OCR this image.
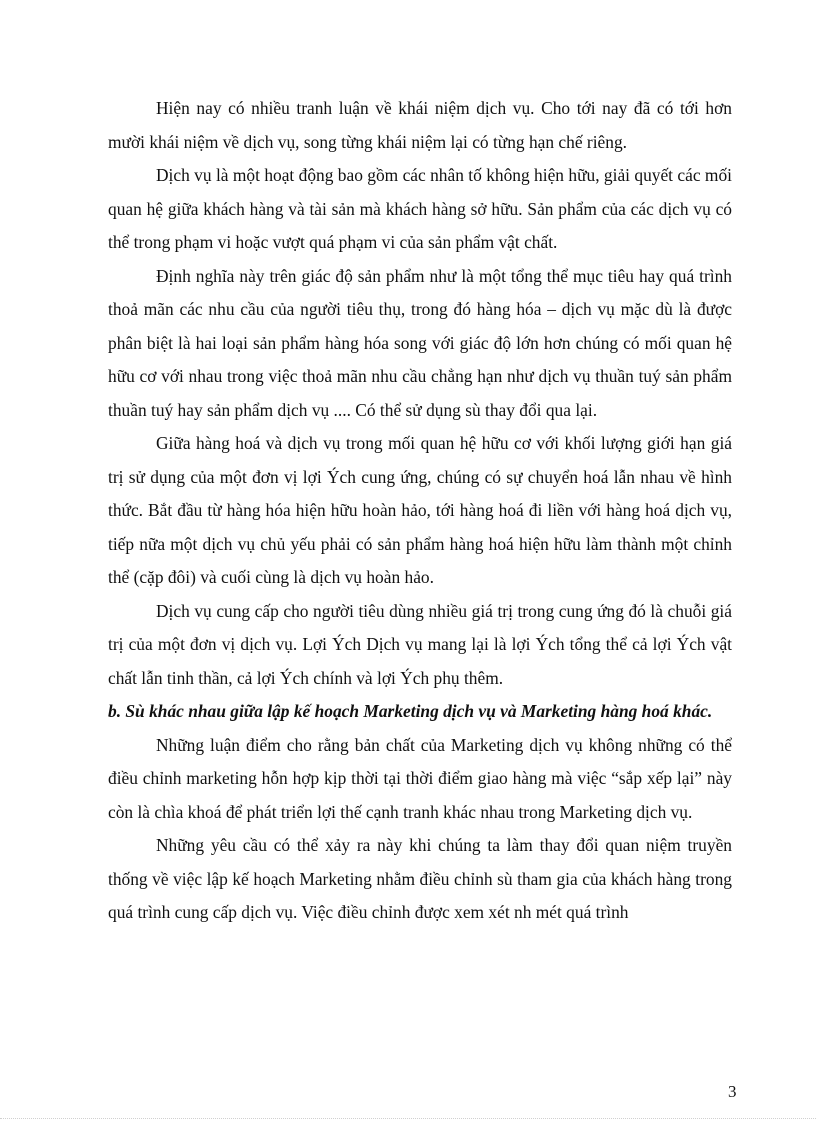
Hiện nay có nhiều tranh luận về khái niệm dịch vụ. Cho tới nay đã có tới hơn mười khái niệm về dịch vụ, song từng khái niệm lại có từng hạn chế riêng.

Dịch vụ là một hoạt động bao gồm các nhân tố không hiện hữu, giải quyết các mối quan hệ giữa khách hàng và tài sản mà khách hàng sở hữu. Sản phẩm của các dịch vụ có thể trong phạm vi hoặc vượt quá phạm vi của sản phẩm vật chất.

Định nghĩa này trên giác độ sản phẩm như là một tổng thể mục tiêu hay quá trình thoả mãn các nhu cầu của người tiêu thụ, trong đó hàng hóa – dịch vụ mặc dù là được phân biệt là hai loại sản phẩm hàng hóa song với giác độ lớn hơn chúng có mối quan hệ hữu cơ với nhau trong việc thoả mãn nhu cầu chẳng hạn như dịch vụ thuần tuý sản phẩm thuần tuý hay sản phẩm dịch vụ .... Có thể sử dụng sù thay đổi qua lại.

Giữa hàng hoá và dịch vụ trong mối quan hệ hữu cơ với khối lượng giới hạn giá trị sử dụng của một đơn vị lợi Ých cung ứng, chúng có sự chuyển hoá lẫn nhau về hình thức. Bắt đầu từ hàng hóa hiện hữu hoàn hảo, tới hàng hoá đi liền với hàng hoá dịch vụ, tiếp nữa một dịch vụ chủ yếu phải có sản phẩm hàng hoá hiện hữu làm thành một chỉnh thể (cặp đôi) và cuối cùng là dịch vụ hoàn hảo.

Dịch vụ cung cấp cho người tiêu dùng nhiều giá trị trong cung ứng đó là chuỗi giá trị của một đơn vị dịch vụ. Lợi Ých Dịch vụ mang lại là lợi Ých tổng thể cả lợi Ých vật chất lẫn tinh thần, cả lợi Ých chính và lợi Ých phụ thêm.

b. Sù khác nhau giữa lập kế hoạch Marketing dịch vụ và Marketing hàng hoá khác.

Những luận điểm cho rằng bản chất của Marketing dịch vụ không những có thể điều chỉnh marketing hỗn hợp kịp thời tại thời điểm giao hàng mà việc “sắp xếp lại” này còn là chìa khoá để phát triển lợi thế cạnh tranh khác nhau trong Marketing dịch vụ.

Những yêu cầu có thể xảy ra này khi chúng ta làm thay đổi quan niệm truyền thống về việc lập kế hoạch Marketing nhằm điều chỉnh sù tham gia của khách hàng trong quá trình cung cấp dịch vụ. Việc điều chỉnh được xem xét nh mét quá trình

3
